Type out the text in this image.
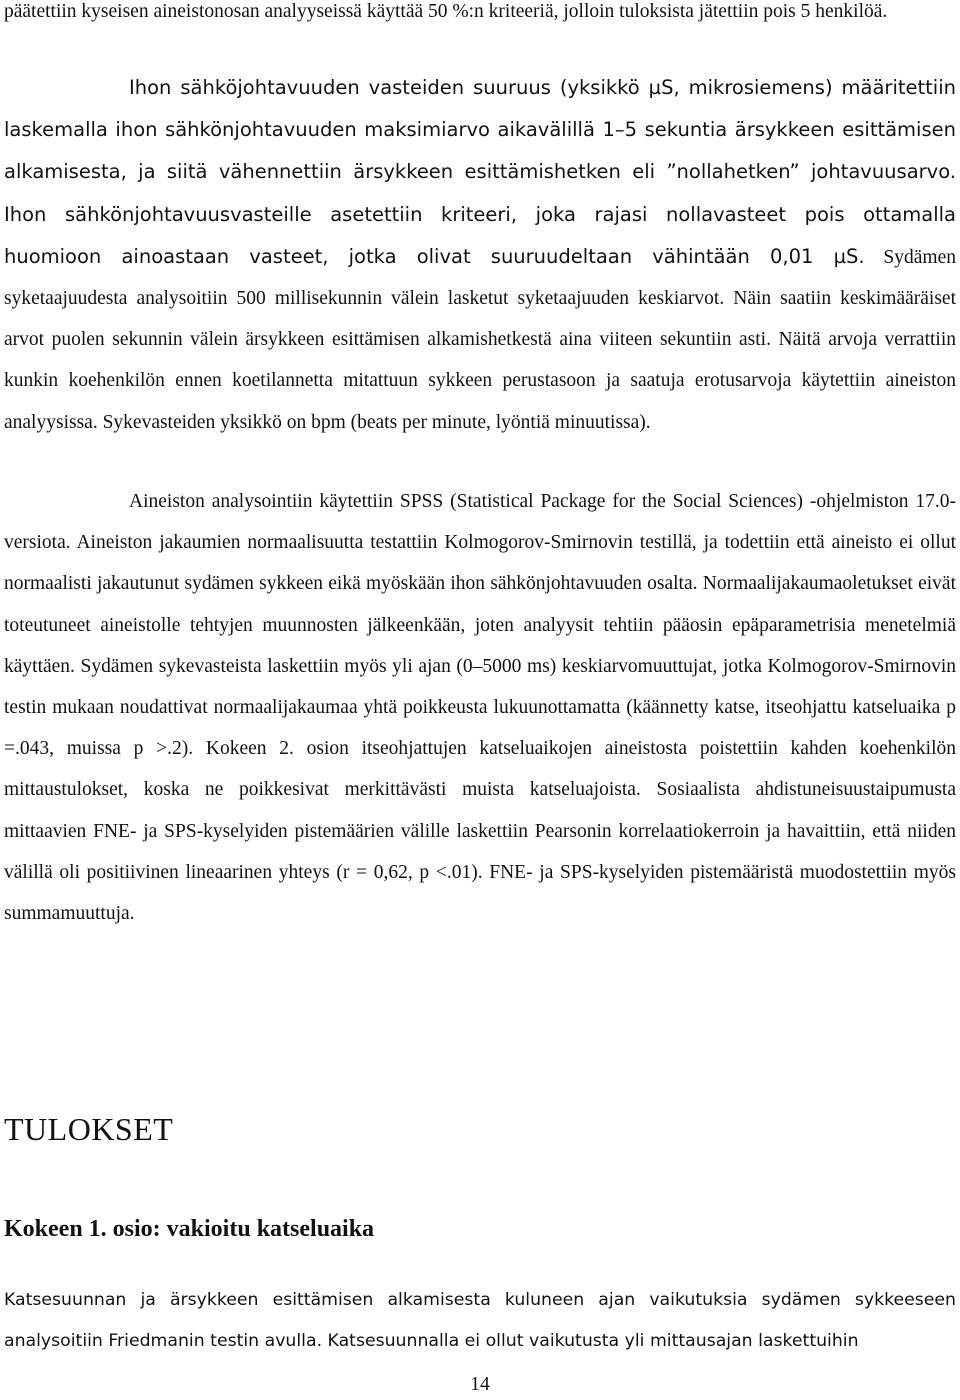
päätettiin kyseisen aineistonosan analyyseissä käyttää 50 %:n kriteeriä, jolloin tuloksista jätettiin pois 5 henkilöä.

Ihon sähköjohtavuuden vasteiden suuruus (yksikkö µS, mikrosiemens) määritettiin laskemalla ihon sähkönjohtavuuden maksimiarvo aikavälillä 1–5 sekuntia ärsykkeen esittämisen alkamisesta, ja siitä vähennettiin ärsykkeen esittämishetken eli ”nollahetken” johtavuusarvo. Ihon sähkönjohtavuusvasteille asetettiin kriteeri, joka rajasi nollavasteet pois ottamalla huomioon ainoastaan vasteet, jotka olivat suuruudeltaan vähintään 0,01 µS. Sydämen syketaajuudesta analysoitiin 500 millisekunnin välein lasketut syketaajuuden keskiarvot. Näin saatiin keskimääräiset arvot puolen sekunnin välein ärsykkeen esittämisen alkamishetkestä aina viiteen sekuntiin asti. Näitä arvoja verrattiin kunkin koehenkilön ennen koetilannetta mitattuun sykkeen perustasoon ja saatuja erotusarvoja käytettiin aineiston analyysissa. Sykevasteiden yksikkö on bpm (beats per minute, lyöntiä minuutissa).

Aineiston analysointiin käytettiin SPSS (Statistical Package for the Social Sciences) -ohjelmiston 17.0-versiota. Aineiston jakaumien normaalisuutta testattiin Kolmogorov-Smirnovin testillä, ja todettiin että aineisto ei ollut normaalisti jakautunut sydämen sykkeen eikä myöskään ihon sähkönjohtavuuden osalta. Normaalijakaumaoletukset eivät toteutuneet aineistolle tehtyjen muunnosten jälkeenkään, joten analyysit tehtiin pääosin epäparametrisia menetelmiä käyttäen. Sydämen sykevasteista laskettiin myös yli ajan (0–5000 ms) keskiarvomuuttujat, jotka Kolmogorov-Smirnovin testin mukaan noudattivat normaalijakaumaa yhtä poikkeusta lukuunottamatta (käännetty katse, itseohjattu katseluaika p =.043, muissa p >.2). Kokeen 2. osion itseohjattujen katseluaikojen aineistosta poistettiin kahden koehenkilön mittaustulokset, koska ne poikkesivat merkittävästi muista katseluajoista. Sosiaalista ahdistuneisuustaipumusta mittaavien FNE- ja SPS-kyselyiden pistemäärien välille laskettiin Pearsonin korrelaatiokerroin ja havaittiin, että niiden välillä oli positiivinen lineaarinen yhteys (r = 0,62, p <.01). FNE- ja SPS-kyselyiden pistemääristä muodostettiin myös summamuuttuja.

TULOKSET
Kokeen 1. osio: vakioitu katseluaika

Katsesuunnan ja ärsykkeen esittämisen alkamisesta kuluneen ajan vaikutuksia sydämen sykkeeseen analysoitiin Friedmanin testin avulla. Katsesuunnalla ei ollut vaikutusta yli mittausajan laskettuihin

14
